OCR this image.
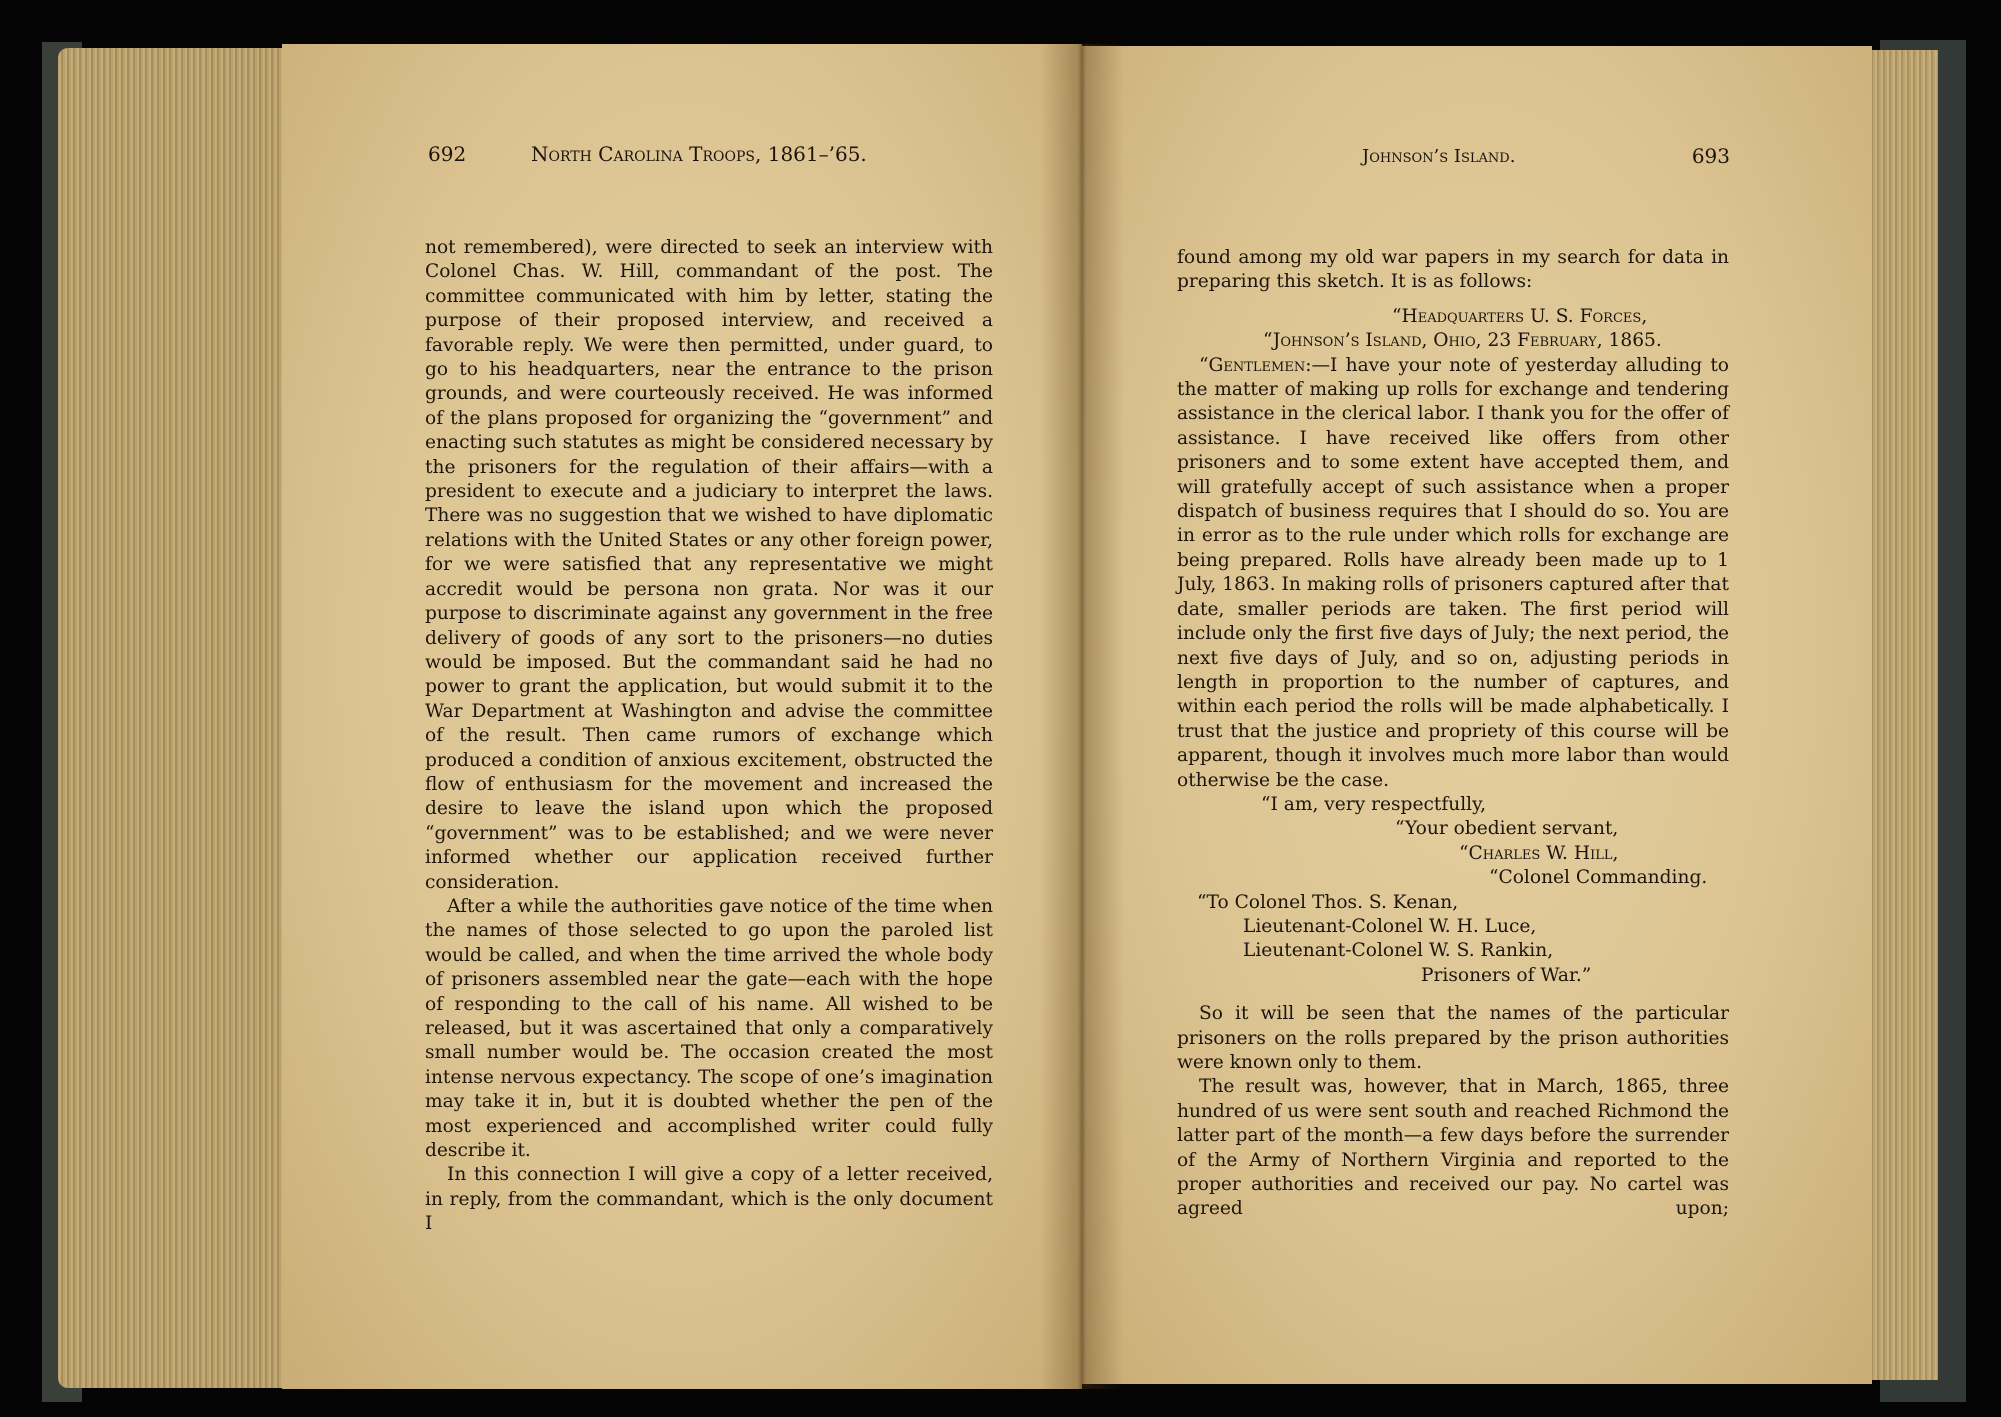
692	North Carolina Troops, 1861–’65.	Johnson’s Island.	693

not remembered), were directed to seek an interview with Colonel Chas. W. Hill, commandant of the post. The committee communicated with him by letter, stating the purpose of their proposed interview, and received a favorable reply. We were then permitted, under guard, to go to his headquarters, near the entrance to the prison grounds, and were courteously received. He was informed of the plans proposed for organizing the “government” and enacting such statutes as might be considered necessary by the prisoners for the regulation of their affairs—with a president to execute and a judiciary to interpret the laws. There was no suggestion that we wished to have diplomatic relations with the United States or any other foreign power, for we were satisfied that any representative we might accredit would be persona non grata. Nor was it our purpose to discriminate against any government in the free delivery of goods of any sort to the prisoners—no duties would be imposed. But the commandant said he had no power to grant the application, but would submit it to the War Department at Washington and advise the committee of the result. Then came rumors of exchange which produced a condition of anxious excitement, obstructed the flow of enthusiasm for the movement and increased the desire to leave the island upon which the proposed “government” was to be established; and we were never informed whether our application received further consideration.

After a while the authorities gave notice of the time when the names of those selected to go upon the paroled list would be called, and when the time arrived the whole body of prisoners assembled near the gate—each with the hope of responding to the call of his name. All wished to be released, but it was ascertained that only a comparatively small number would be. The occasion created the most intense nervous expectancy. The scope of one’s imagination may take it in, but it is doubted whether the pen of the most experienced and accomplished writer could fully describe it.

In this connection I will give a copy of a letter received, in reply, from the commandant, which is the only document I

found among my old war papers in my search for data in preparing this sketch. It is as follows:

“Headquarters U. S. Forces,
“Johnson’s Island, Ohio, 23 February, 1865.

“Gentlemen:—I have your note of yesterday alluding to the matter of making up rolls for exchange and tendering assistance in the clerical labor. I thank you for the offer of assistance. I have received like offers from other prisoners and to some extent have accepted them, and will gratefully accept of such assistance when a proper dispatch of business requires that I should do so. You are in error as to the rule under which rolls for exchange are being prepared. Rolls have already been made up to 1 July, 1863. In making rolls of prisoners captured after that date, smaller periods are taken. The first period will include only the first five days of July; the next period, the next five days of July, and so on, adjusting periods in length in proportion to the number of captures, and within each period the rolls will be made alphabetically. I trust that the justice and propriety of this course will be apparent, though it involves much more labor than would otherwise be the case.

“I am, very respectfully,
“Your obedient servant,
“Charles W. Hill,
“Colonel Commanding.
“To Colonel Thos. S. Kenan,
Lieutenant-Colonel W. H. Luce,
Lieutenant-Colonel W. S. Rankin,
Prisoners of War.”

So it will be seen that the names of the particular prisoners on the rolls prepared by the prison authorities were known only to them.

The result was, however, that in March, 1865, three hundred of us were sent south and reached Richmond the latter part of the month—a few days before the surrender of the Army of Northern Virginia and reported to the proper authorities and received our pay. No cartel was agreed upon;
